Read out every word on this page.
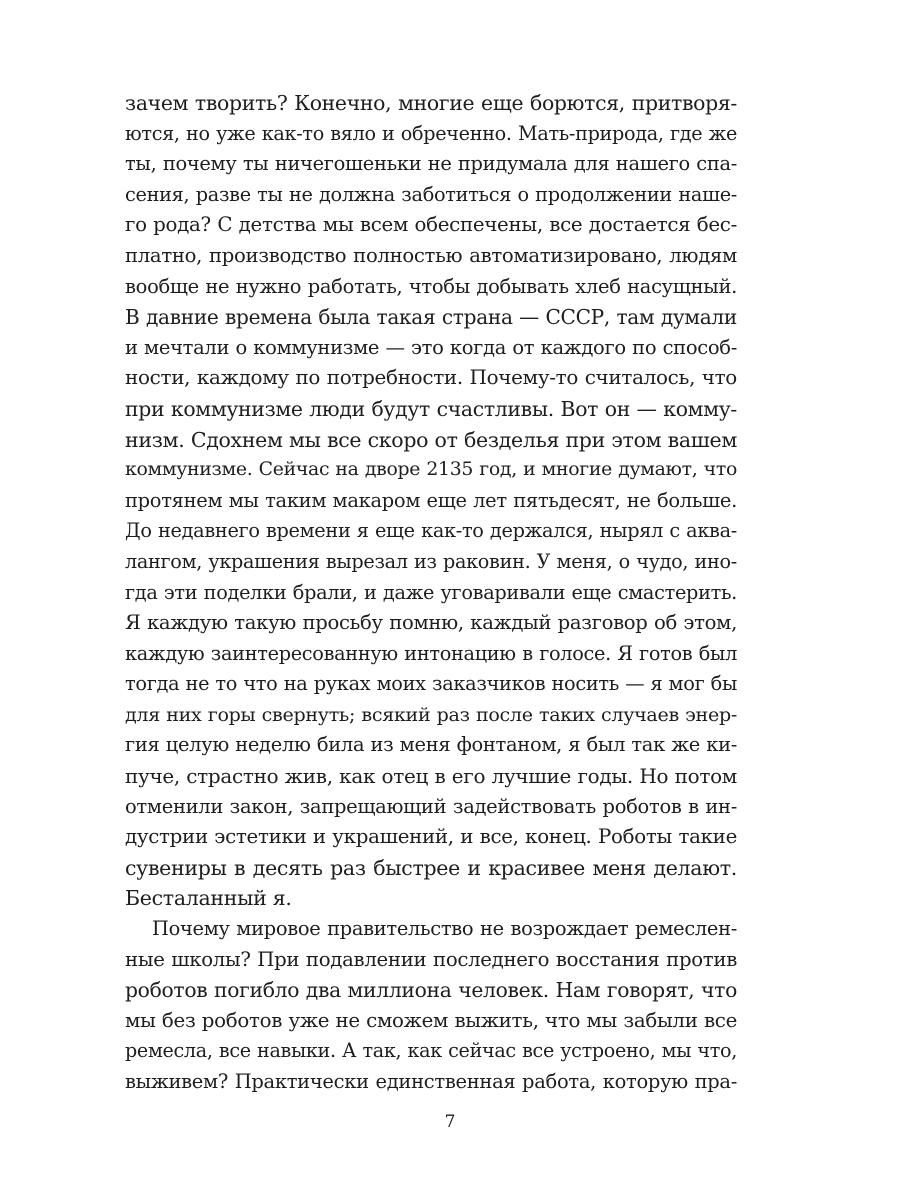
зачем творить? Конечно, многие еще борются, притворя-
ются, но уже как-то вяло и обреченно. Мать-природа, где же
ты, почему ты ничегошеньки не придумала для нашего спа-
сения, разве ты не должна заботиться о продолжении наше-
го рода? С детства мы всем обеспечены, все достается бес-
платно, производство полностью автоматизировано, людям
вообще не нужно работать, чтобы добывать хлеб насущный.
В давние времена была такая страна — СССР, там думали
и мечтали о коммунизме — это когда от каждого по способ-
ности, каждому по потребности. Почему-то считалось, что
при коммунизме люди будут счастливы. Вот он — комму-
низм. Сдохнем мы все скоро от безделья при этом вашем
коммунизме. Сейчас на дворе 2135 год, и многие думают, что
протянем мы таким макаром еще лет пятьдесят, не больше.
До недавнего времени я еще как-то держался, нырял с аква-
лангом, украшения вырезал из раковин. У меня, о чудо, ино-
гда эти поделки брали, и даже уговаривали еще смастерить.
Я каждую такую просьбу помню, каждый разговор об этом,
каждую заинтересованную интонацию в голосе. Я готов был
тогда не то что на руках моих заказчиков носить — я мог бы
для них горы свернуть; всякий раз после таких случаев энер-
гия целую неделю била из меня фонтаном, я был так же ки-
пуче, страстно жив, как отец в его лучшие годы. Но потом
отменили закон, запрещающий задействовать роботов в ин-
дустрии эстетики и украшений, и все, конец. Роботы такие
сувениры в десять раз быстрее и красивее меня делают.
Бесталанный я.
Почему мировое правительство не возрождает ремеслен-
ные школы? При подавлении последнего восстания против
роботов погибло два миллиона человек. Нам говорят, что
мы без роботов уже не сможем выжить, что мы забыли все
ремесла, все навыки. А так, как сейчас все устроено, мы что,
выживем? Практически единственная работа, которую пра-
7
